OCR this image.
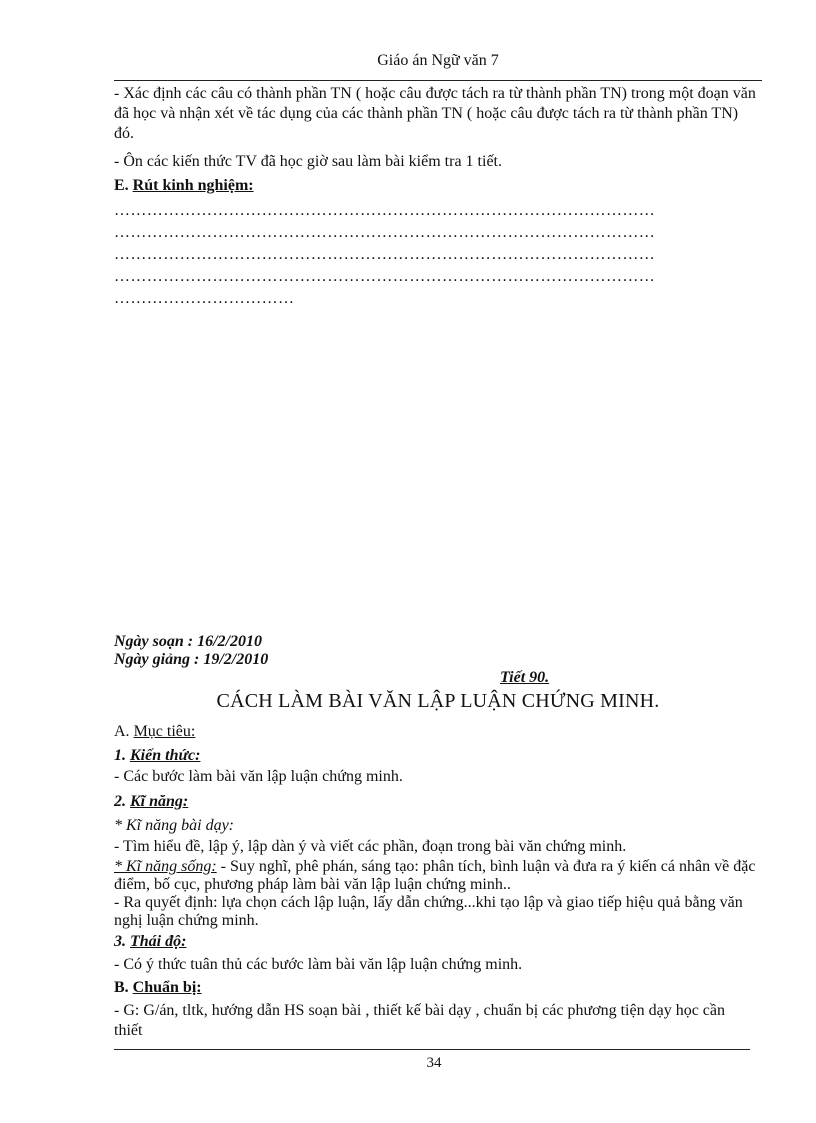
Giáo án Ngữ văn 7
- Xác định các câu có thành phần TN ( hoặc câu được tách ra từ thành phần TN) trong một đoạn văn đã học và nhận xét về tác dụng của các thành phần TN ( hoặc câu được tách ra từ thành phần TN) đó.
- Ôn các kiến thức TV đã học giờ sau làm bài kiểm tra 1 tiết.
E. Rút kinh nghiệm:
………………………………………………………………………………………
………………………………………………………………………………………
………………………………………………………………………………………
………………………………………………………………………………………
……………………………
Ngày soạn : 16/2/2010
Ngày giảng : 19/2/2010
Tiết 90.
CÁCH LÀM BÀI VĂN LẬP LUẬN CHỨNG MINH.
A. Mục tiêu:
1. Kiến thức:
- Các bước làm bài văn lập luận chứng minh.
2. Kĩ năng:
* Kĩ năng bài dạy:
- Tìm hiểu đề, lập ý, lập dàn ý và viết các phần, đoạn trong bài văn chứng minh.
* Kĩ năng sống: - Suy nghĩ, phê phán, sáng tạo: phân tích, bình luận và đưa ra ý kiến cá nhân về đặc điểm, bố cục, phương pháp làm bài văn lập luận chứng minh..
- Ra quyết định: lựa chọn cách lập luận, lấy dẫn chứng...khi tạo lập và giao tiếp hiệu quả bằng văn nghị luận chứng minh.
3. Thái độ:
- Có ý thức tuân thủ các bước làm bài văn lập luận chứng minh.
B. Chuẩn bị:
- G: G/án, tltk, hướng dẫn HS soạn bài , thiết kế bài dạy , chuẩn bị các phương tiện dạy học cần thiết
34
